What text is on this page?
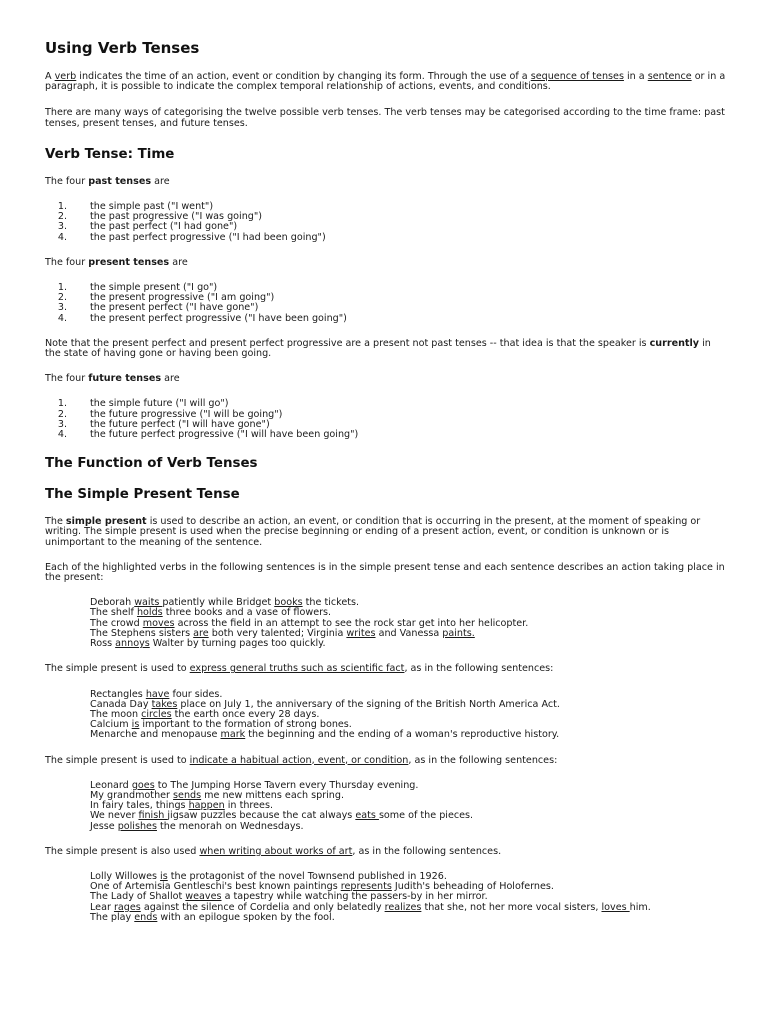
Using Verb Tenses

A verb indicates the time of an action, event or condition by changing its form. Through the use of a sequence of tenses in a sentence or in a paragraph, it is possible to indicate the complex temporal relationship of actions, events, and conditions.

There are many ways of categorising the twelve possible verb tenses. The verb tenses may be categorised according to the time frame: past tenses, present tenses, and future tenses.

Verb Tense: Time

The four past tenses are

1. the simple past ("I went")
2. the past progressive ("I was going")
3. the past perfect ("I had gone")
4. the past perfect progressive ("I had been going")

The four present tenses are

1. the simple present ("I go")
2. the present progressive ("I am going")
3. the present perfect ("I have gone")
4. the present perfect progressive ("I have been going")

Note that the present perfect and present perfect progressive are a present not past tenses -- that idea is that the speaker is currently in the state of having gone or having been going.

The four future tenses are

1. the simple future ("I will go")
2. the future progressive ("I will be going")
3. the future perfect ("I will have gone")
4. the future perfect progressive ("I will have been going")
The Function of Verb Tenses
The Simple Present Tense

The simple present is used to describe an action, an event, or condition that is occurring in the present, at the moment of speaking or writing. The simple present is used when the precise beginning or ending of a present action, event, or condition is unknown or is unimportant to the meaning of the sentence.

Each of the highlighted verbs in the following sentences is in the simple present tense and each sentence describes an action taking place in the present:

Deborah waits patiently while Bridget books the tickets.
The shelf holds three books and a vase of flowers.
The crowd moves across the field in an attempt to see the rock star get into her helicopter.
The Stephens sisters are both very talented; Virginia writes and Vanessa paints.
Ross annoys Walter by turning pages too quickly.

The simple present is used to express general truths such as scientific fact, as in the following sentences:

Rectangles have four sides.
Canada Day takes place on July 1, the anniversary of the signing of the British North America Act.
The moon circles the earth once every 28 days.
Calcium is important to the formation of strong bones.
Menarche and menopause mark the beginning and the ending of a woman's reproductive history.

The simple present is used to indicate a habitual action, event, or condition, as in the following sentences:

Leonard goes to The Jumping Horse Tavern every Thursday evening.
My grandmother sends me new mittens each spring.
In fairy tales, things happen in threes.
We never finish jigsaw puzzles because the cat always eats some of the pieces.
Jesse polishes the menorah on Wednesdays.

The simple present is also used when writing about works of art, as in the following sentences.

Lolly Willowes is the protagonist of the novel Townsend published in 1926.
One of Artemisia Gentleschi's best known paintings represents Judith's beheading of Holofernes.
The Lady of Shallot weaves a tapestry while watching the passers-by in her mirror.
Lear rages against the silence of Cordelia and only belatedly realizes that she, not her more vocal sisters, loves him.
The play ends with an epilogue spoken by the fool.
